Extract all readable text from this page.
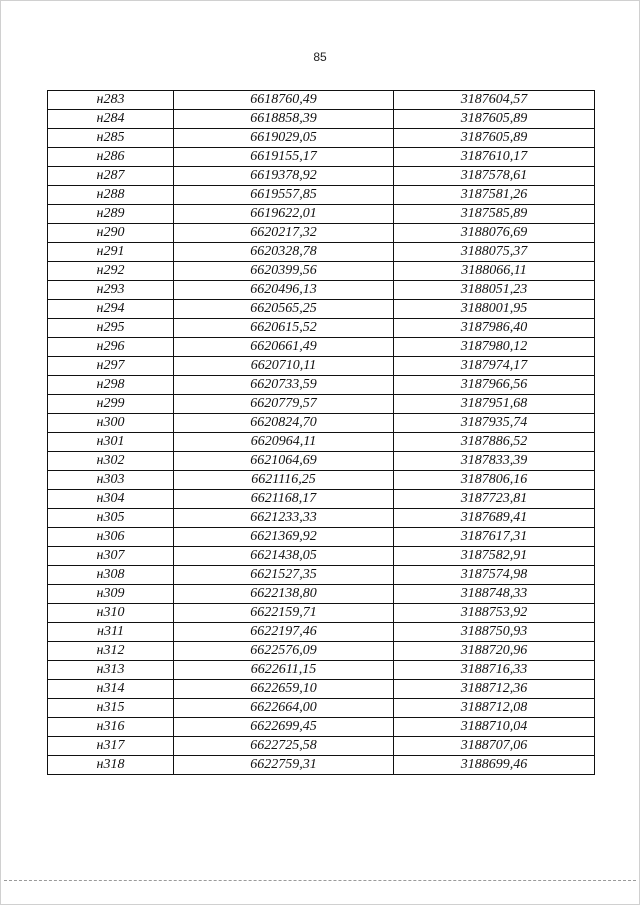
85
н283	6618760,49	3187604,57
н284	6618858,39	3187605,89
н285	6619029,05	3187605,89
н286	6619155,17	3187610,17
н287	6619378,92	3187578,61
н288	6619557,85	3187581,26
н289	6619622,01	3187585,89
н290	6620217,32	3188076,69
н291	6620328,78	3188075,37
н292	6620399,56	3188066,11
н293	6620496,13	3188051,23
н294	6620565,25	3188001,95
н295	6620615,52	3187986,40
н296	6620661,49	3187980,12
н297	6620710,11	3187974,17
н298	6620733,59	3187966,56
н299	6620779,57	3187951,68
н300	6620824,70	3187935,74
н301	6620964,11	3187886,52
н302	6621064,69	3187833,39
н303	6621116,25	3187806,16
н304	6621168,17	3187723,81
н305	6621233,33	3187689,41
н306	6621369,92	3187617,31
н307	6621438,05	3187582,91
н308	6621527,35	3187574,98
н309	6622138,80	3188748,33
н310	6622159,71	3188753,92
н311	6622197,46	3188750,93
н312	6622576,09	3188720,96
н313	6622611,15	3188716,33
н314	6622659,10	3188712,36
н315	6622664,00	3188712,08
н316	6622699,45	3188710,04
н317	6622725,58	3188707,06
н318	6622759,31	3188699,46
